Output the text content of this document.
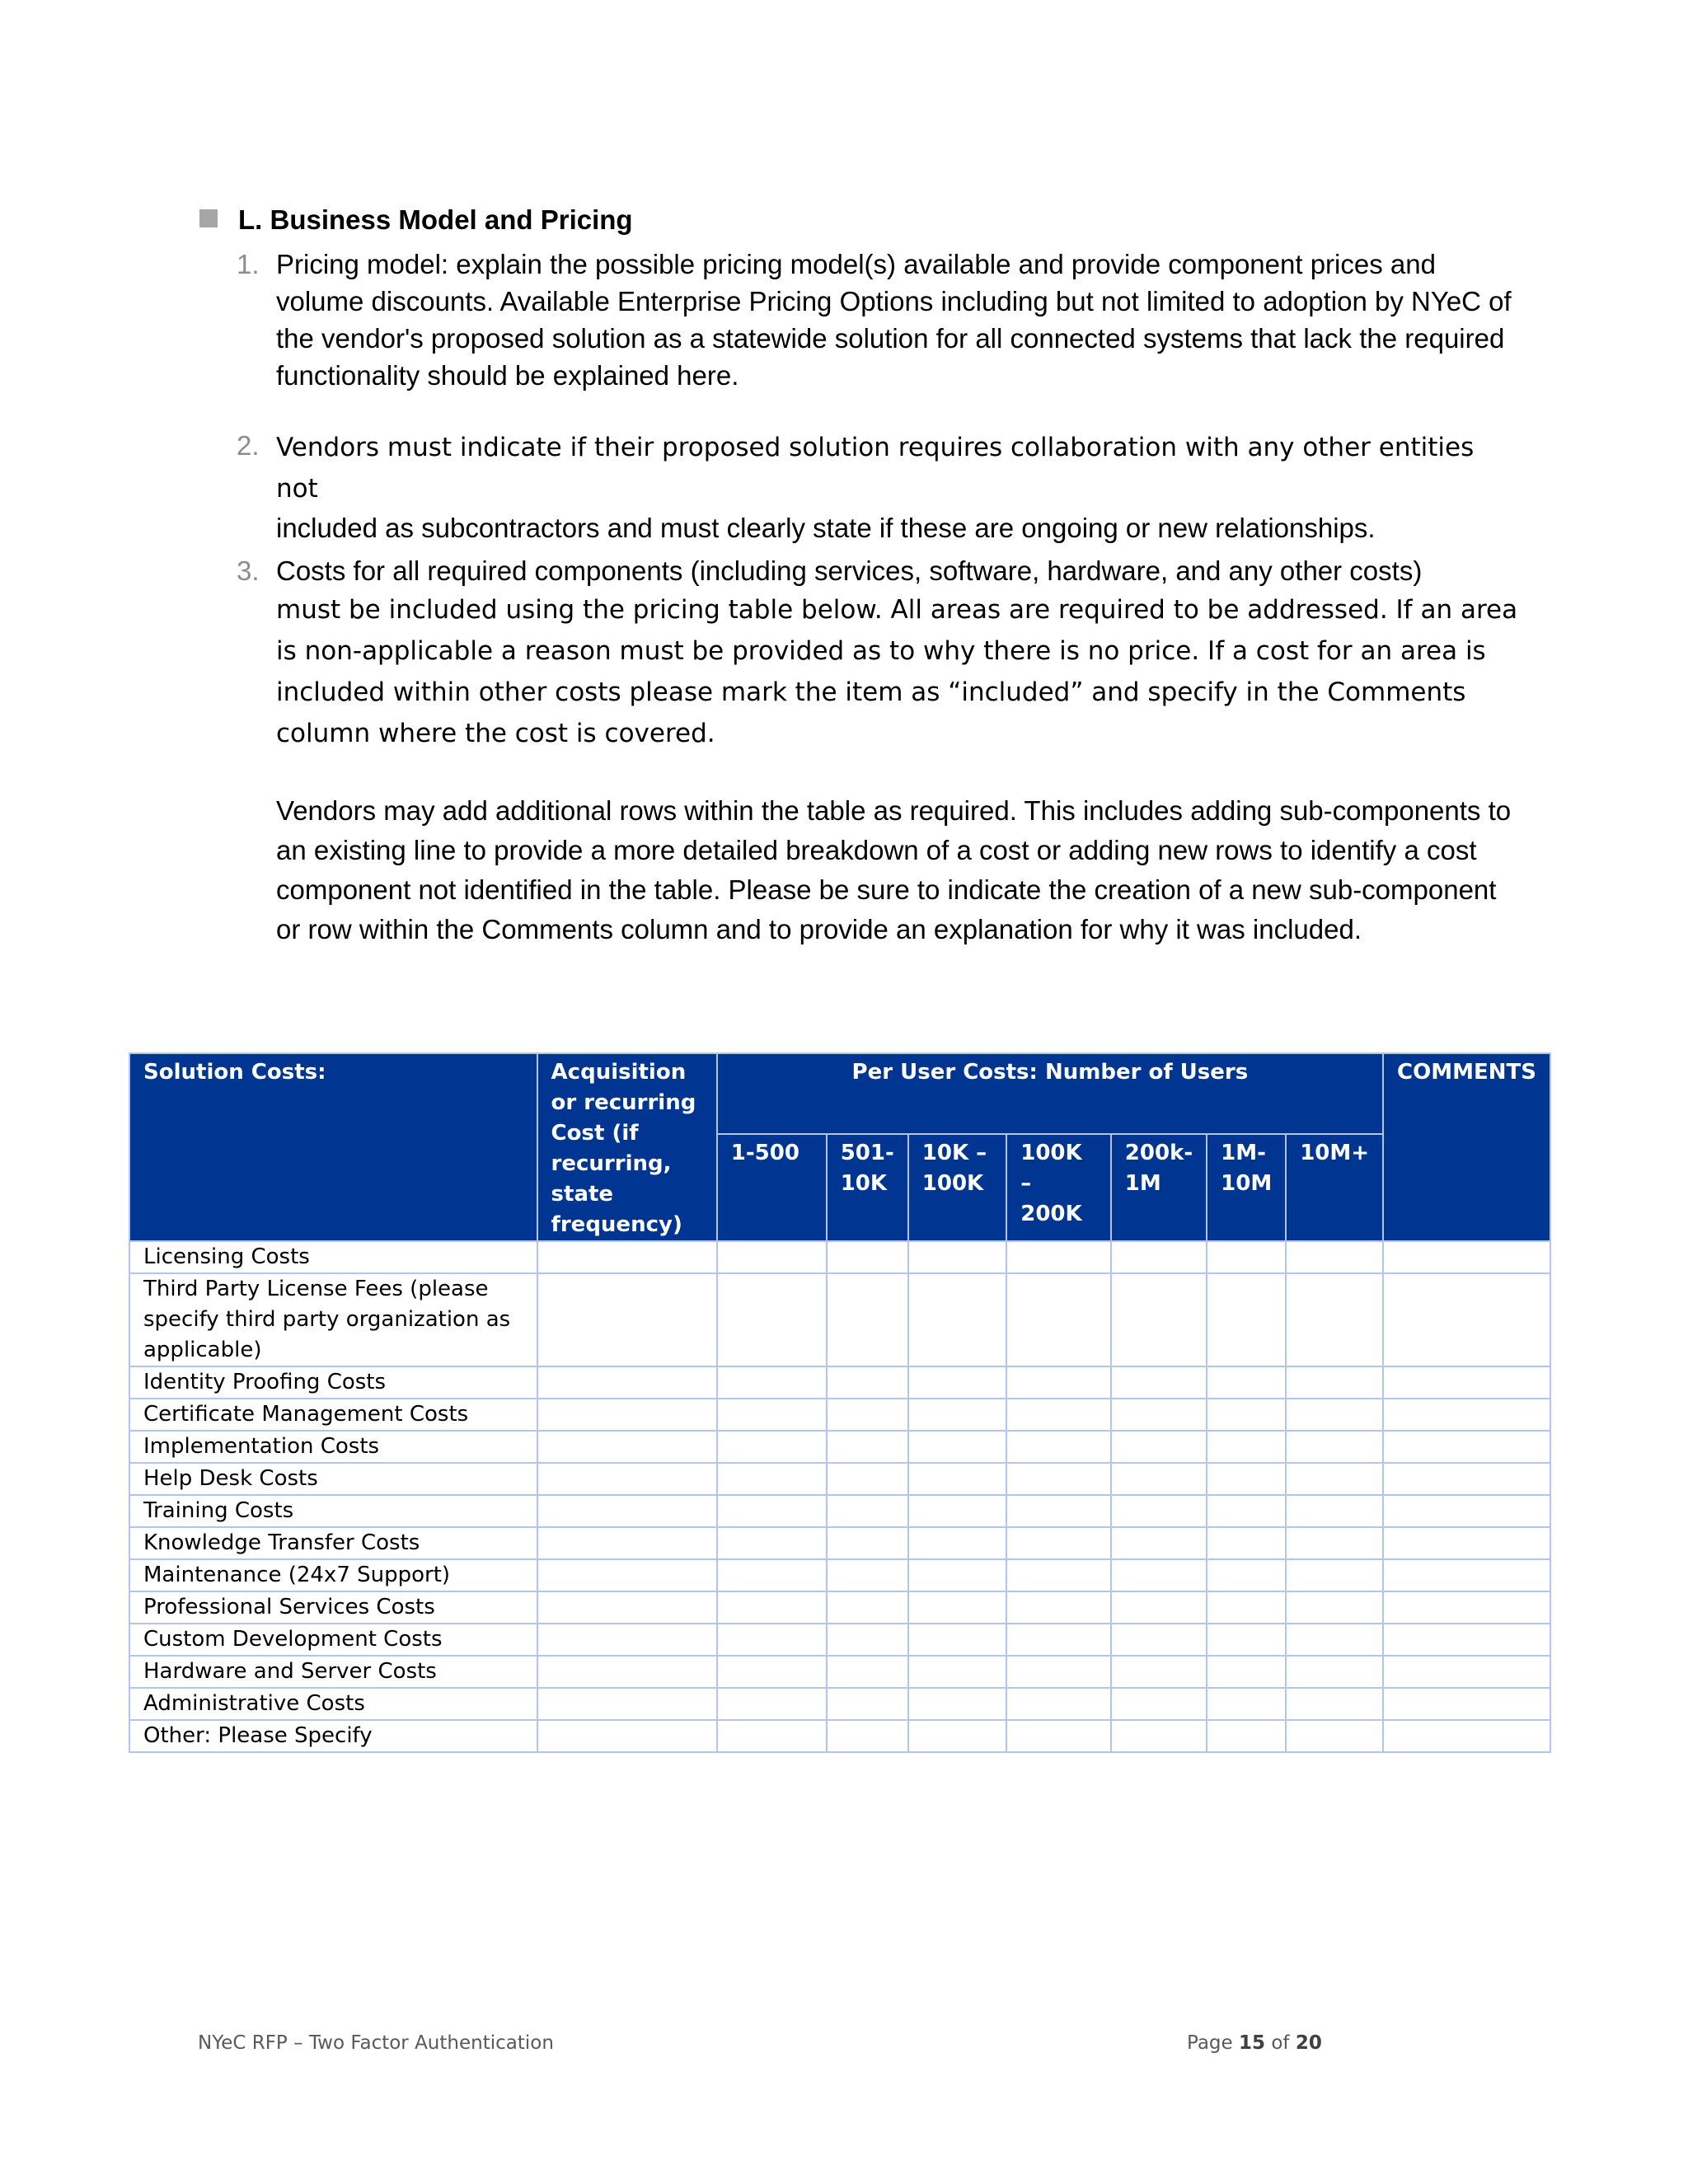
L. Business Model and Pricing
1. Pricing model: explain the possible pricing model(s) available and provide component prices and volume discounts. Available Enterprise Pricing Options including but not limited to adoption by NYeC of the vendor's proposed solution as a statewide solution for all connected systems that lack the required functionality should be explained here.

2. Vendors must indicate if their proposed solution requires collaboration with any other entities not

included as subcontractors and must clearly state if these are ongoing or new relationships.

3. Costs for all required components (including services, software, hardware, and any other costs)

must be included using the pricing table below. All areas are required to be addressed. If an area is non-applicable a reason must be provided as to why there is no price. If a cost for an area is included within other costs please mark the item as “included” and specify in the Comments column where the cost is covered.

Vendors may add additional rows within the table as required. This includes adding sub-components to an existing line to provide a more detailed breakdown of a cost or adding new rows to identify a cost component not identified in the table. Please be sure to indicate the creation of a new sub-component or row within the Comments column and to provide an explanation for why it was included.

Solution Costs:	Acquisition or recurring Cost (if recurring, state frequency)	Per User Costs: Number of Users							COMMENTS
		1-500	501-10K	10K – 100K	100K – 200K	200k-1M	1M-10M	10M+	
Licensing Costs									
Third Party License Fees (please specify third party organization as applicable)									
Identity Proofing Costs									
Certificate Management Costs									
Implementation Costs									
Help Desk Costs									
Training Costs									
Knowledge Transfer Costs									
Maintenance (24x7 Support)									
Professional Services Costs									
Custom Development Costs									
Hardware and Server Costs									
Administrative Costs									
Other: Please Specify									
NYeC RFP – Two Factor Authentication	Page 15 of 20
